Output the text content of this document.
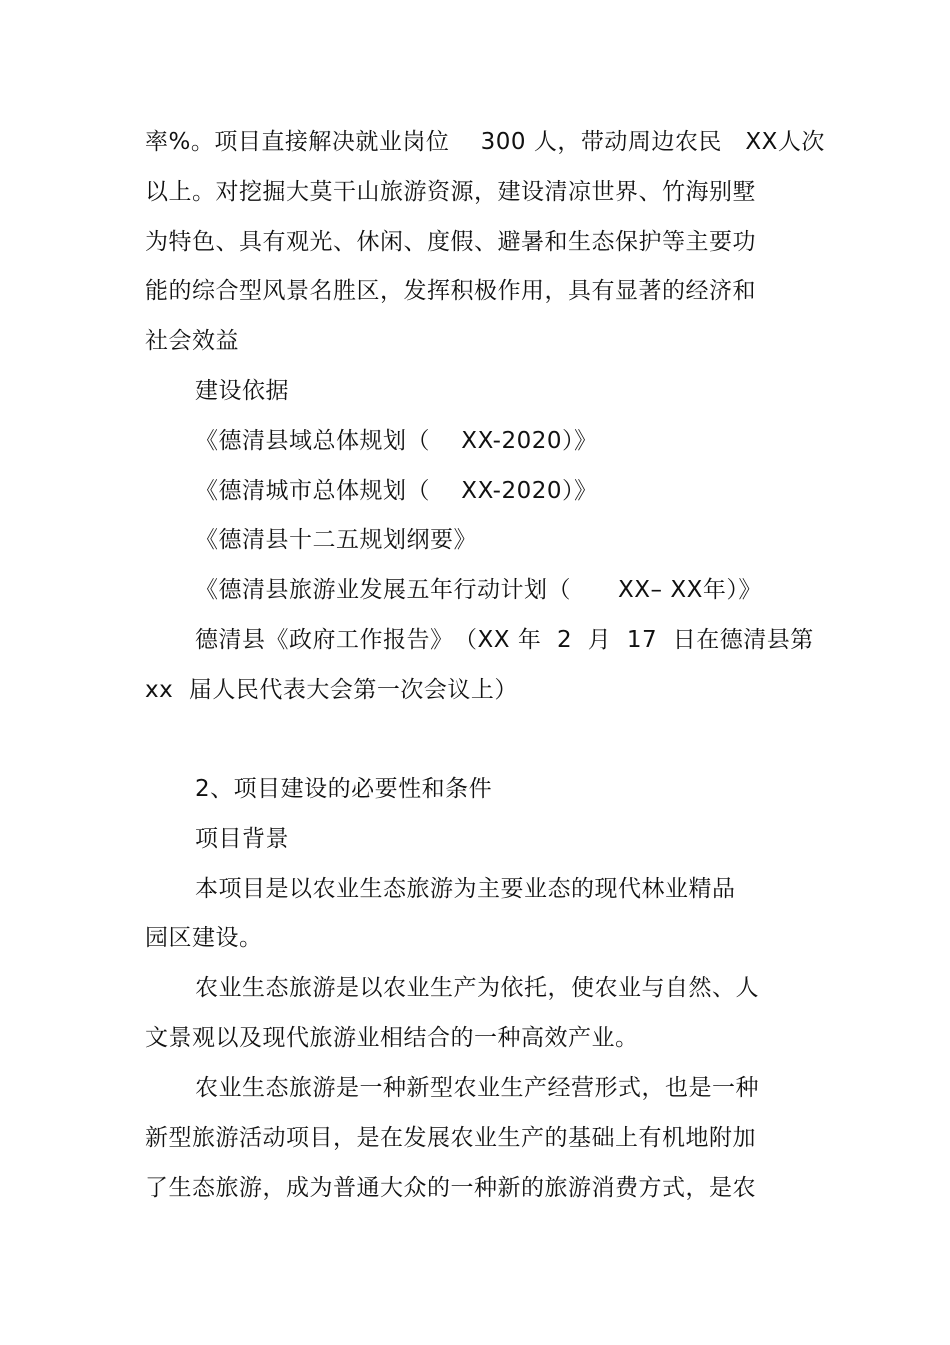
率%。项目直接解决就业岗位　 300 人，带动周边农民　XX人次
以上。对挖掘大莫干山旅游资源，建设清凉世界、竹海别墅
为特色、具有观光、休闲、度假、避暑和生态保护等主要功
能的综合型风景名胜区，发挥积极作用，具有显著的经济和
社会效益
建设依据
《德清县域总体规划（　 XX-2020）》
《德清城市总体规划（　 XX-2020）》
《德清县十二五规划纲要》
《德清县旅游业发展五年行动计划（　　XX– XX年）》
德清县《政府工作报告》　（XX 年  2  月  17  日在德清县第
xx  届人民代表大会第一次会议上）
2、项目建设的必要性和条件
项目背景
本项目是以农业生态旅游为主要业态的现代林业精品
园区建设。
农业生态旅游是以农业生产为依托，使农业与自然、人
文景观以及现代旅游业相结合的一种高效产业。
农业生态旅游是一种新型农业生产经营形式，也是一种
新型旅游活动项目，是在发展农业生产的基础上有机地附加
了生态旅游，成为普通大众的一种新的旅游消费方式，是农
